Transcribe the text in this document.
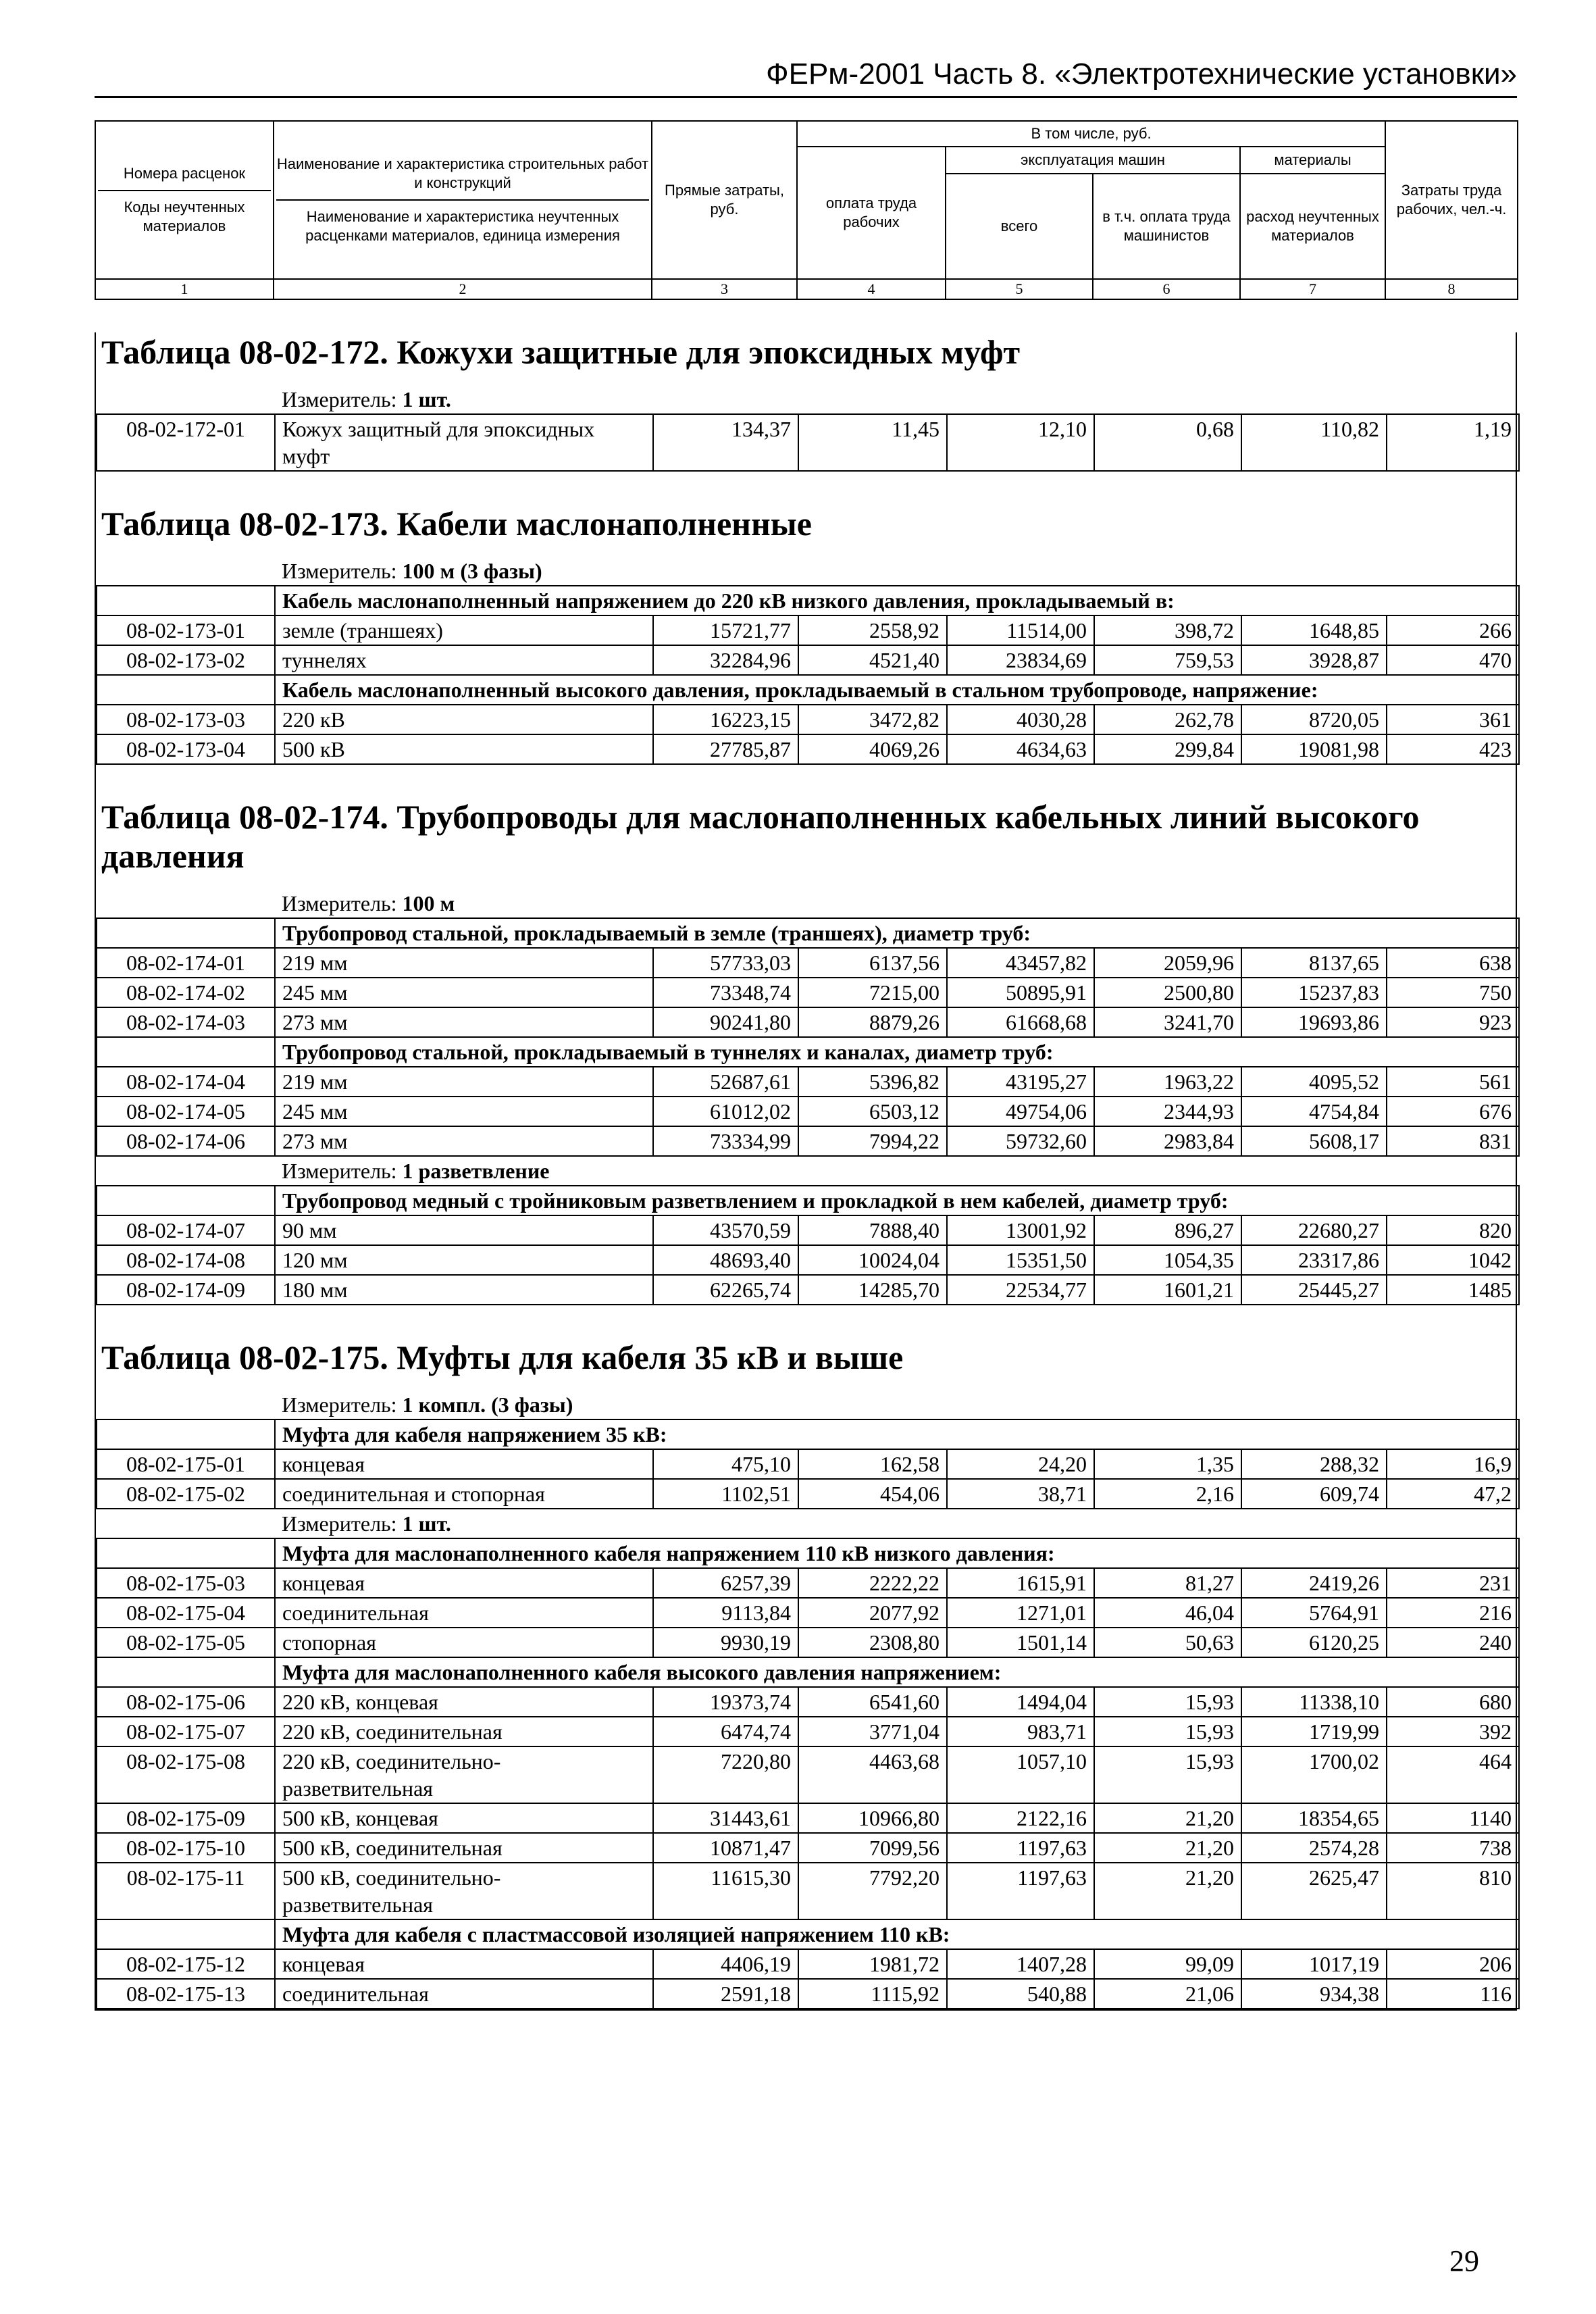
ФЕРм-2001 Часть 8. «Электротехнические установки»
Номера расценок
Коды неучтенных материалов	Наименование и характеристика строительных работ и конструкций
Наименование и характеристика неучтенных расценками материалов, единица измерения	Прямые затраты, руб.	В том числе, руб.				Затраты труда рабочих, чел.-ч.
			оплата труда рабочих	эксплуатация машин		материалы	
				всего	в т.ч. оплата труда машинистов	расход неучтенных материалов	
1	2	3	4	5	6	7	8
Таблица 08-02-172. Кожухи защитные для эпоксидных муфт
	Измеритель: 1 шт.						
08-02-172-01	Кожух защитный для эпоксидных муфт	134,37	11,45	12,10	0,68	110,82	1,19
Таблица 08-02-173. Кабели маслонаполненные
	Измеритель: 100 м (3 фазы)						
	Кабель маслонаполненный напряжением до 220 кВ низкого давления, прокладываемый в:						
08-02-173-01	земле (траншеях)	15721,77	2558,92	11514,00	398,72	1648,85	266
08-02-173-02	туннелях	32284,96	4521,40	23834,69	759,53	3928,87	470
	Кабель маслонаполненный высокого давления, прокладываемый в стальном трубопроводе, напряжение:						
08-02-173-03	220 кВ	16223,15	3472,82	4030,28	262,78	8720,05	361
08-02-173-04	500 кВ	27785,87	4069,26	4634,63	299,84	19081,98	423
Таблица 08-02-174. Трубопроводы для маслонаполненных кабельных линий высокого давления
	Измеритель: 100 м						
	Трубопровод стальной, прокладываемый в земле (траншеях), диаметр труб:						
08-02-174-01	219 мм	57733,03	6137,56	43457,82	2059,96	8137,65	638
08-02-174-02	245 мм	73348,74	7215,00	50895,91	2500,80	15237,83	750
08-02-174-03	273 мм	90241,80	8879,26	61668,68	3241,70	19693,86	923
	Трубопровод стальной, прокладываемый в туннелях и каналах, диаметр труб:						
08-02-174-04	219 мм	52687,61	5396,82	43195,27	1963,22	4095,52	561
08-02-174-05	245 мм	61012,02	6503,12	49754,06	2344,93	4754,84	676
08-02-174-06	273 мм	73334,99	7994,22	59732,60	2983,84	5608,17	831
	Измеритель: 1 разветвление						
	Трубопровод медный с тройниковым разветвлением и прокладкой в нем кабелей, диаметр труб:						
08-02-174-07	90 мм	43570,59	7888,40	13001,92	896,27	22680,27	820
08-02-174-08	120 мм	48693,40	10024,04	15351,50	1054,35	23317,86	1042
08-02-174-09	180 мм	62265,74	14285,70	22534,77	1601,21	25445,27	1485
Таблица 08-02-175. Муфты для кабеля 35 кВ и выше
	Измеритель: 1 компл. (3 фазы)						
	Муфта для кабеля напряжением 35 кВ:						
08-02-175-01	концевая	475,10	162,58	24,20	1,35	288,32	16,9
08-02-175-02	соединительная и стопорная	1102,51	454,06	38,71	2,16	609,74	47,2
	Измеритель: 1 шт.						
	Муфта для маслонаполненного кабеля напряжением 110 кВ низкого давления:						
08-02-175-03	концевая	6257,39	2222,22	1615,91	81,27	2419,26	231
08-02-175-04	соединительная	9113,84	2077,92	1271,01	46,04	5764,91	216
08-02-175-05	стопорная	9930,19	2308,80	1501,14	50,63	6120,25	240
	Муфта для маслонаполненного кабеля высокого давления напряжением:						
08-02-175-06	220 кВ, концевая	19373,74	6541,60	1494,04	15,93	11338,10	680
08-02-175-07	220 кВ, соединительная	6474,74	3771,04	983,71	15,93	1719,99	392
08-02-175-08	220 кВ, соединительно-разветвительная	7220,80	4463,68	1057,10	15,93	1700,02	464
08-02-175-09	500 кВ, концевая	31443,61	10966,80	2122,16	21,20	18354,65	1140
08-02-175-10	500 кВ, соединительная	10871,47	7099,56	1197,63	21,20	2574,28	738
08-02-175-11	500 кВ, соединительно-разветвительная	11615,30	7792,20	1197,63	21,20	2625,47	810
	Муфта для кабеля с пластмассовой изоляцией напряжением 110 кВ:						
08-02-175-12	концевая	4406,19	1981,72	1407,28	99,09	1017,19	206
08-02-175-13	соединительная	2591,18	1115,92	540,88	21,06	934,38	116
29
